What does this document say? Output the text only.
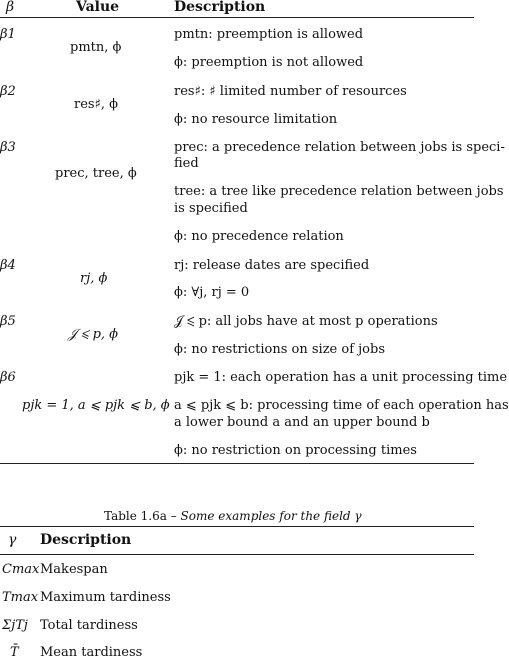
β	Value	Description
β1
pmtn, ϕ
pmtn: preemption is allowed
ϕ: preemption is not allowed
β2
res♯, ϕ
res♯: ♯ limited number of resources
ϕ: no resource limitation
β3
prec, tree, ϕ
prec: a precedence relation between jobs is speci-
fied
tree: a tree like precedence relation between jobs
is specified
ϕ: no precedence relation
β4
rj, ϕ
rj: release dates are specified
ϕ: ∀j, rj = 0
β5
𝒥 ⩽ p, ϕ
𝒥 ⩽ p: all jobs have at most p operations
ϕ: no restrictions on size of jobs
β6
pjk = 1, a ⩽ pjk ⩽ b, ϕ
pjk = 1: each operation has a unit processing time
a ⩽ pjk ⩽ b: processing time of each operation has
a lower bound a and an upper bound b
ϕ: no restriction on processing times
Table 1.6a – Some examples for the field γ
γ Description
Cmax Makespan
Tmax Maximum tardiness
ΣjTj Total tardiness
T̄ Mean tardiness
